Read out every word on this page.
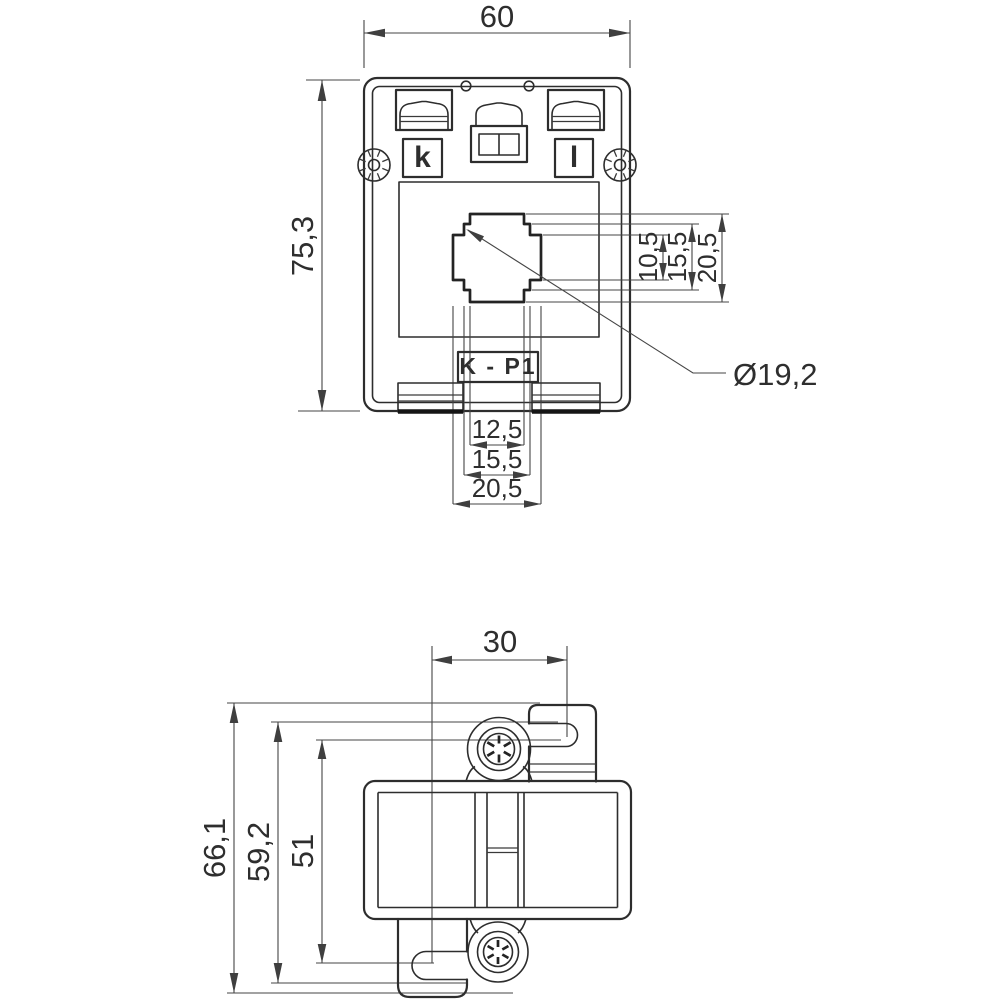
60
75,3
k	l
10,5 15,5 20,5
12,5
15,5
20,5
Ø19,2
K - P1
30
66,1 59,2 51
